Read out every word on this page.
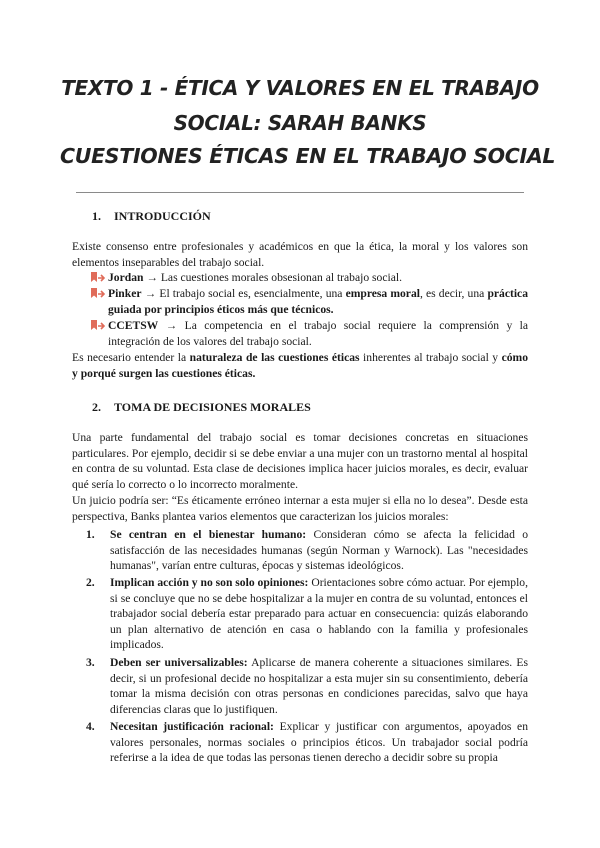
TEXTO 1 - ÉTICA Y VALORES EN EL TRABAJO
SOCIAL: SARAH BANKS
CUESTIONES ÉTICAS EN EL TRABAJO SOCIAL
1. INTRODUCCIÓN

Existe consenso entre profesionales y académicos en que la ética, la moral y los valores son elementos inseparables del trabajo social.

Jordan → Las cuestiones morales obsesionan al trabajo social.
Pinker → El trabajo social es, esencialmente, una empresa moral, es decir, una práctica guiada por principios éticos más que técnicos.
CCETSW → La competencia en el trabajo social requiere la comprensión y la integración de los valores del trabajo social.

Es necesario entender la naturaleza de las cuestiones éticas inherentes al trabajo social y cómo y porqué surgen las cuestiones éticas.

2. TOMA DE DECISIONES MORALES

Una parte fundamental del trabajo social es tomar decisiones concretas en situaciones particulares. Por ejemplo, decidir si se debe enviar a una mujer con un trastorno mental al hospital en contra de su voluntad. Esta clase de decisiones implica hacer juicios morales, es decir, evaluar qué sería lo correcto o lo incorrecto moralmente.

Un juicio podría ser: “Es éticamente erróneo internar a esta mujer si ella no lo desea”. Desde esta perspectiva, Banks plantea varios elementos que caracterizan los juicios morales:

1.	Se centran en el bienestar humano: Consideran cómo se afecta la felicidad o satisfacción de las necesidades humanas (según Norman y Warnock). Las "necesidades humanas", varían entre culturas, épocas y sistemas ideológicos.
2.	Implican acción y no son solo opiniones: Orientaciones sobre cómo actuar. Por ejemplo, si se concluye que no se debe hospitalizar a la mujer en contra de su voluntad, entonces el trabajador social debería estar preparado para actuar en consecuencia: quizás elaborando un plan alternativo de atención en casa o hablando con la familia y profesionales implicados.
3.	Deben ser universalizables: Aplicarse de manera coherente a situaciones similares. Es decir, si un profesional decide no hospitalizar a esta mujer sin su consentimiento, debería tomar la misma decisión con otras personas en condiciones parecidas, salvo que haya diferencias claras que lo justifiquen.
4.	Necesitan justificación racional: Explicar y justificar con argumentos, apoyados en valores personales, normas sociales o principios éticos. Un trabajador social podría referirse a la idea de que todas las personas tienen derecho a decidir sobre su propia
